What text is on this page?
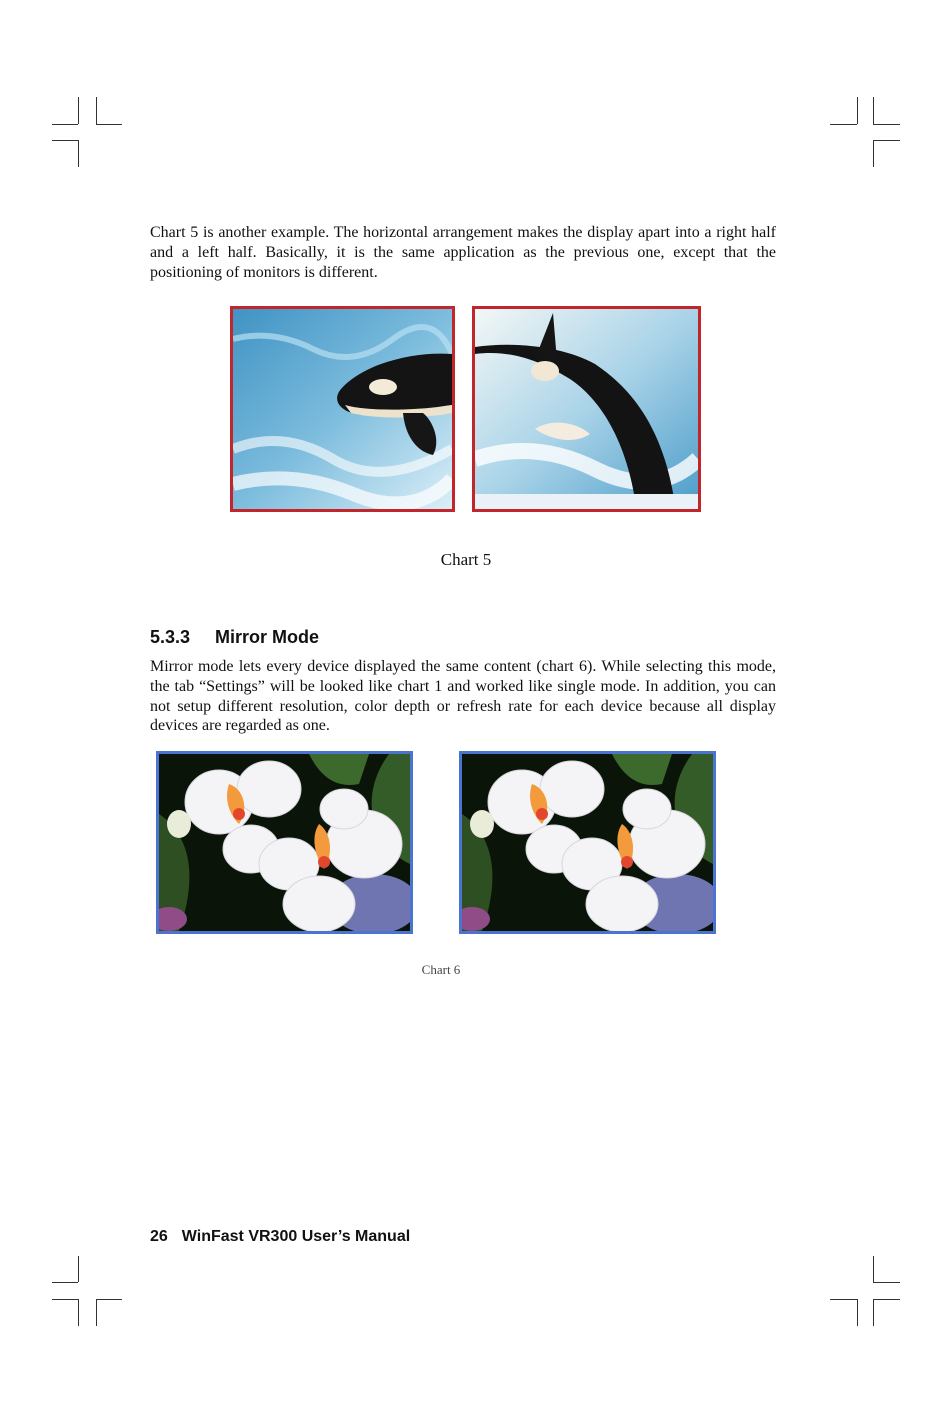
Chart 5 is another example. The horizontal arrangement makes the display apart into a right half and a left half. Basically, it is the same application as the previous one, except that the positioning of monitors is different.

Chart 5

5.3.3 Mirror Mode

Mirror mode lets every device displayed the same content (chart 6). While selecting this mode, the tab “Settings” will be looked like chart 1 and worked like single mode. In addition, you can not setup different resolution, color depth or refresh rate for each device because all display devices are regarded as one.

Chart 6

26 WinFast VR300 User’s Manual
